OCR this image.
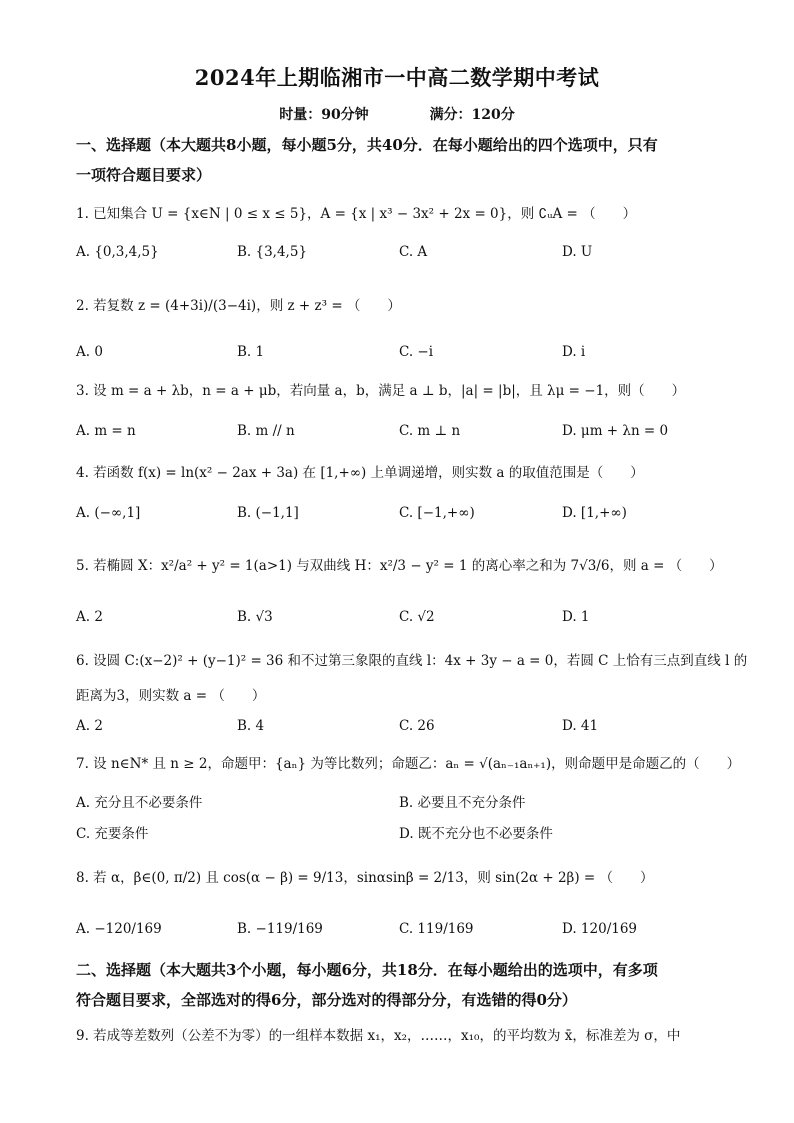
2024年上期临湘市一中高二数学期中考试
时量：90分钟	满分：120分
一、选择题（本大题共8小题，每小题5分，共40分．在每小题给出的四个选项中，只有
一项符合题目要求）
1. 已知集合 U = {x∈N | 0 ≤ x ≤ 5}，A = {x | x³ − 3x² + 2x = 0}，则 ∁ᵤA = （　　）
A. {0,3,4,5}	B. {3,4,5}	C. A	D. U
2. 若复数 z = (4+3i)/(3−4i)，则 z + z³ = （　　）
A. 0	B. 1	C. −i	D. i
3. 设 m = a + λb，n = a + μb，若向量 a，b，满足 a ⊥ b，|a| = |b|，且 λμ = −1，则（　　）
A. m = n	B. m // n	C. m ⊥ n	D. μm + λn = 0
4. 若函数 f(x) = ln(x² − 2ax + 3a) 在 [1,+∞) 上单调递增，则实数 a 的取值范围是（　　）
A. (−∞,1]	B. (−1,1]	C. [−1,+∞)	D. [1,+∞)
5. 若椭圆 X：x²/a² + y² = 1(a>1) 与双曲线 H：x²/3 − y² = 1 的离心率之和为 7√3/6，则 a = （　　）
A. 2	B. √3	C. √2	D. 1
6. 设圆 C:(x−2)² + (y−1)² = 36 和不过第三象限的直线 l：4x + 3y − a = 0，若圆 C 上恰有三点到直线 l 的
距离为3，则实数 a = （　　）
A. 2	B. 4	C. 26	D. 41
7. 设 n∈N* 且 n ≥ 2，命题甲：{aₙ} 为等比数列；命题乙：aₙ = √(aₙ₋₁aₙ₊₁)，则命题甲是命题乙的（　　）
A. 充分且不必要条件	B. 必要且不充分条件
C. 充要条件	D. 既不充分也不必要条件
8. 若 α，β∈(0, π/2) 且 cos(α − β) = 9/13，sinαsinβ = 2/13，则 sin(2α + 2β) = （　　）
A. −120/169	B. −119/169	C. 119/169	D. 120/169
二、选择题（本大题共3个小题，每小题6分，共18分．在每小题给出的选项中，有多项
符合题目要求，全部选对的得6分，部分选对的得部分分，有选错的得0分）
9. 若成等差数列（公差不为零）的一组样本数据 x₁，x₂，……，x₁₀，的平均数为 x̄，标准差为 σ，中
